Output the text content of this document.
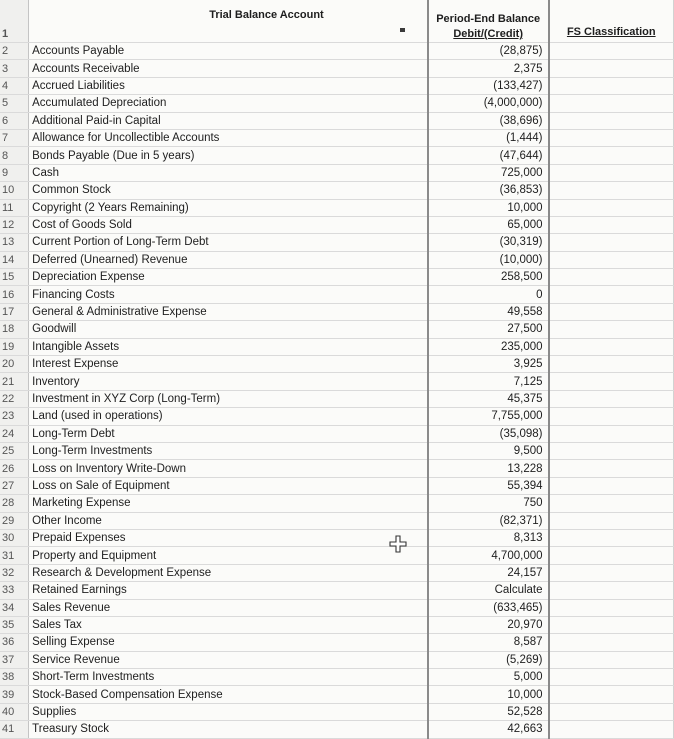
1	Trial Balance Account	Period-End Balance
Debit/(Credit)	FS Classification
2	Accounts Payable	(28,875)	
3	Accounts Receivable	2,375	
4	Accrued Liabilities	(133,427)	
5	Accumulated Depreciation	(4,000,000)	
6	Additional Paid-in Capital	(38,696)	
7	Allowance for Uncollectible Accounts	(1,444)	
8	Bonds Payable (Due in 5 years)	(47,644)	
9	Cash	725,000	
10	Common Stock	(36,853)	
11	Copyright (2 Years Remaining)	10,000	
12	Cost of Goods Sold	65,000	
13	Current Portion of Long-Term Debt	(30,319)	
14	Deferred (Unearned) Revenue	(10,000)	
15	Depreciation Expense	258,500	
16	Financing Costs	0	
17	General & Administrative Expense	49,558	
18	Goodwill	27,500	
19	Intangible Assets	235,000	
20	Interest Expense	3,925	
21	Inventory	7,125	
22	Investment in XYZ Corp (Long-Term)	45,375	
23	Land (used in operations)	7,755,000	
24	Long-Term Debt	(35,098)	
25	Long-Term Investments	9,500	
26	Loss on Inventory Write-Down	13,228	
27	Loss on Sale of Equipment	55,394	
28	Marketing Expense	750	
29	Other Income	(82,371)	
30	Prepaid Expenses	8,313	
31	Property and Equipment	4,700,000	
32	Research & Development Expense	24,157	
33	Retained Earnings	Calculate	
34	Sales Revenue	(633,465)	
35	Sales Tax	20,970	
36	Selling Expense	8,587	
37	Service Revenue	(5,269)	
38	Short-Term Investments	5,000	
39	Stock-Based Compensation Expense	10,000	
40	Supplies	52,528	
41	Treasury Stock	42,663	
